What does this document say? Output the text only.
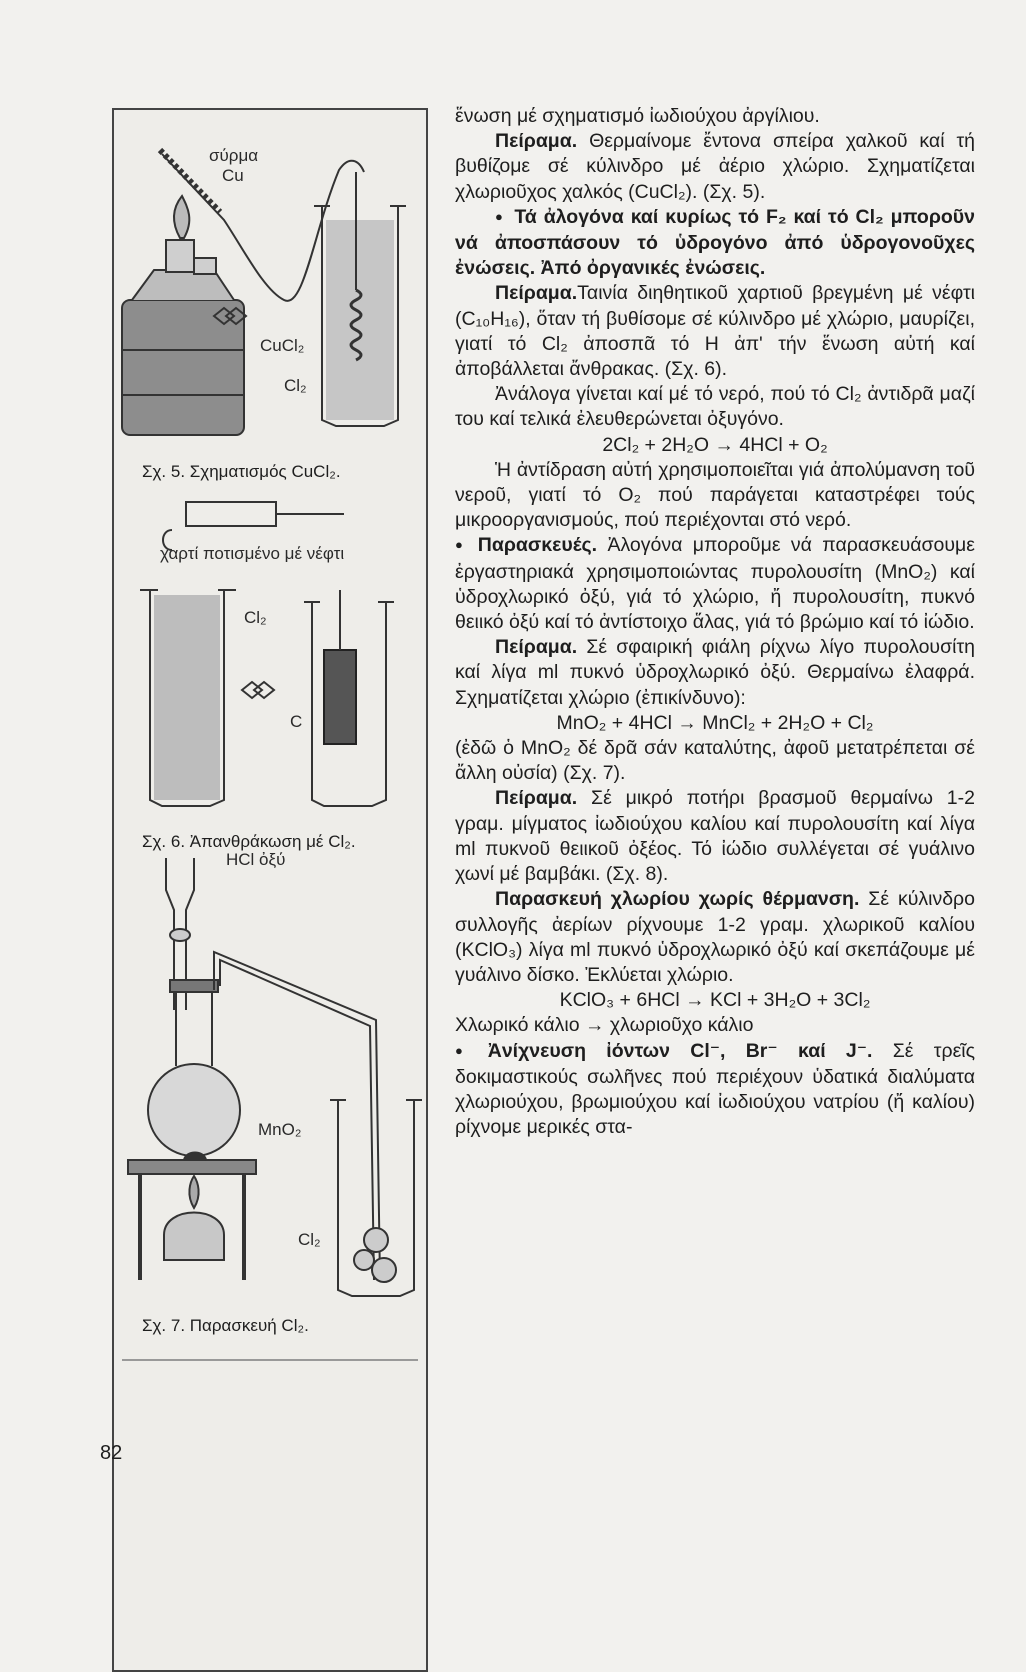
σύρμα
Cu
CuCl₂
Cl₂
Σχ. 5. Σχηματισμός CuCl₂.
χαρτί ποτισμένο μέ νέφτι
Cl₂
C
Σχ. 6. Ἀπανθράκωση μέ Cl₂.
HCl ὀξύ
MnO₂
Cl₂
Σχ. 7. Παρασκευή Cl₂.

ἕνωση μέ σχηματισμό ἰωδιούχου ἀργίλιου.

Πείραμα. Θερμαίνομε ἔντονα σπείρα χαλκοῦ καί τή βυθίζομε σέ κύλινδρο μέ ἀέριο χλώριο. Σχηματίζεται χλωριοῦχος χαλκός (CuCl₂). (Σχ. 5).

● Τά ἀλογόνα καί κυρίως τό F₂ καί τό Cl₂ μποροῦν νά ἀποσπάσουν τό ὑδρογόνο ἀπό ὑδρογονοῦχες ἐνώσεις. Ἀπό ὀργανικές ἐνώσεις.

Πείραμα.Ταινία διηθητικοῦ χαρτιοῦ βρεγμένη μέ νέφτι (C₁₀H₁₆), ὅταν τή βυθίσομε σέ κύλινδρο μέ χλώριο, μαυρίζει, γιατί τό Cl₂ ἀποσπᾶ τό H ἀπ' τήν ἕνωση αὐτή καί ἀποβάλλεται ἄνθρακας. (Σχ. 6).

Ἀνάλογα γίνεται καί μέ τό νερό, πού τό Cl₂ ἀντιδρᾶ μαζί του καί τελικά ἐλευθερώνεται ὀξυγόνο.

2Cl₂ + 2H₂O → 4HCl + O₂

Ἡ ἀντίδραση αὐτή χρησιμοποιεῖται γιά ἀπολύμανση τοῦ νεροῦ, γιατί τό O₂ πού παράγεται καταστρέφει τούς μικροοργανισμούς, πού περιέχονται στό νερό.

● Παρασκευές. Ἀλογόνα μποροῦμε νά παρασκευάσουμε ἐργαστηριακά χρησιμοποιώντας πυρολουσίτη (MnO₂) καί ὑδροχλωρικό ὀξύ, γιά τό χλώριο, ἤ πυρολουσίτη, πυκνό θειικό ὀξύ καί τό ἀντίστοιχο ἅλας, γιά τό βρώμιο καί τό ἰώδιο.

Πείραμα. Σέ σφαιρική φιάλη ρίχνω λίγο πυρολουσίτη καί λίγα ml πυκνό ὑδροχλωρικό ὀξύ. Θερμαίνω ἐλαφρά. Σχηματίζεται χλώριο (ἐπικίνδυνο):

MnO₂ + 4HCl → MnCl₂ + 2H₂O + Cl₂

(ἐδῶ ὁ MnO₂ δέ δρᾶ σάν καταλύτης, ἀφοῦ μετατρέπεται σέ ἄλλη οὐσία) (Σχ. 7).

Πείραμα. Σέ μικρό ποτήρι βρασμοῦ θερμαίνω 1-2 γραμ. μίγματος ἰωδιούχου καλίου καί πυρολουσίτη καί λίγα ml πυκνοῦ θειικοῦ ὀξέος. Τό ἰώδιο συλλέγεται σέ γυάλινο χωνί μέ βαμβάκι. (Σχ. 8).

Παρασκευή χλωρίου χωρίς θέρμανση. Σέ κύλινδρο συλλογῆς ἀερίων ρίχνουμε 1-2 γραμ. χλωρικοῦ καλίου (KClO₃) λίγα ml πυκνό ὑδροχλωρικό ὀξύ καί σκεπάζουμε μέ γυάλινο δίσκο. Ἐκλύεται χλώριο.

KClO₃ + 6HCl → KCl + 3H₂O + 3Cl₂

Χλωρικό κάλιο → χλωριοῦχο κάλιο

● Ἀνίχνευση ἰόντων Cl⁻, Br⁻ καί J⁻. Σέ τρεῖς δοκιμαστικούς σωλῆνες πού περιέχουν ὑδατικά διαλύματα χλωριούχου, βρωμιούχου καί ἰωδιούχου νατρίου (ἤ καλίου) ρίχνομε μερικές στα-

82
